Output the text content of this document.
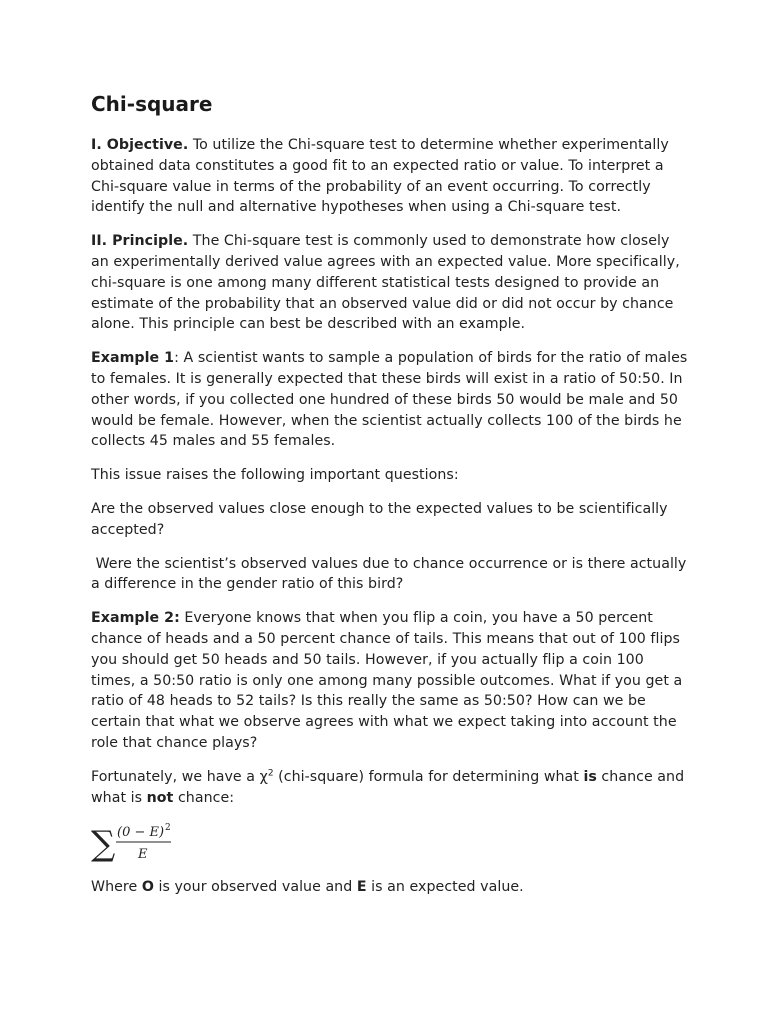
Chi-square

I. Objective. To utilize the Chi-square test to determine whether experimentally obtained data constitutes a good fit to an expected ratio or value. To interpret a Chi-square value in terms of the probability of an event occurring. To correctly identify the null and alternative hypotheses when using a Chi-square test.

II. Principle. The Chi-square test is commonly used to demonstrate how closely an experimentally derived value agrees with an expected value. More specifically, chi-square is one among many different statistical tests designed to provide an estimate of the probability that an observed value did or did not occur by chance alone. This principle can best be described with an example.

Example 1: A scientist wants to sample a population of birds for the ratio of males to females. It is generally expected that these birds will exist in a ratio of 50:50. In other words, if you collected one hundred of these birds 50 would be male and 50 would be female. However, when the scientist actually collects 100 of the birds he collects 45 males and 55 females.

This issue raises the following important questions:

Are the observed values close enough to the expected values to be scientifically accepted?

Were the scientist’s observed values due to chance occurrence or is there actually a difference in the gender ratio of this bird?

Example 2: Everyone knows that when you flip a coin, you have a 50 percent chance of heads and a 50 percent chance of tails. This means that out of 100 flips you should get 50 heads and 50 tails. However, if you actually flip a coin 100 times, a 50:50 ratio is only one among many possible outcomes. What if you get a ratio of 48 heads to 52 tails? Is this really the same as 50:50? How can we be certain that what we observe agrees with what we expect taking into account the role that chance plays?

Fortunately, we have a $\chi^2$ (chi-square) formula for determining what is chance and what is not chance:

∑ (0 − E) 2
E

Where O is your observed value and E is an expected value.
